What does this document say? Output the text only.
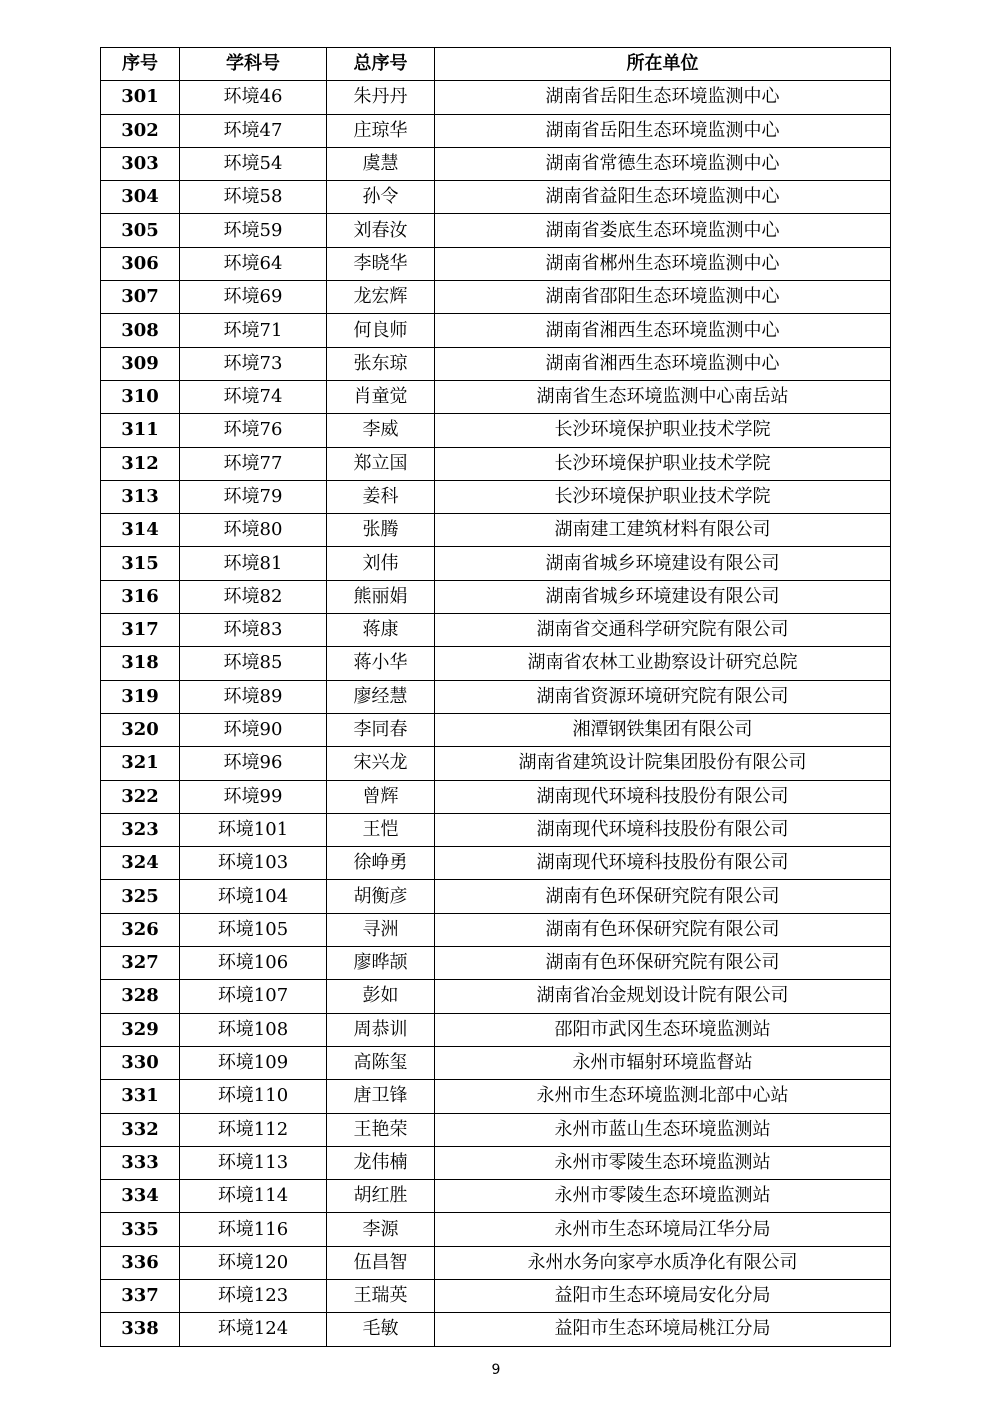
序号	学科号	总序号	所在单位
301	环境46	朱丹丹	湖南省岳阳生态环境监测中心
302	环境47	庄琼华	湖南省岳阳生态环境监测中心
303	环境54	虞慧	湖南省常德生态环境监测中心
304	环境58	孙令	湖南省益阳生态环境监测中心
305	环境59	刘春汝	湖南省娄底生态环境监测中心
306	环境64	李晓华	湖南省郴州生态环境监测中心
307	环境69	龙宏辉	湖南省邵阳生态环境监测中心
308	环境71	何良师	湖南省湘西生态环境监测中心
309	环境73	张东琼	湖南省湘西生态环境监测中心
310	环境74	肖童觉	湖南省生态环境监测中心南岳站
311	环境76	李威	长沙环境保护职业技术学院
312	环境77	郑立国	长沙环境保护职业技术学院
313	环境79	姜科	长沙环境保护职业技术学院
314	环境80	张腾	湖南建工建筑材料有限公司
315	环境81	刘伟	湖南省城乡环境建设有限公司
316	环境82	熊丽娟	湖南省城乡环境建设有限公司
317	环境83	蒋康	湖南省交通科学研究院有限公司
318	环境85	蒋小华	湖南省农林工业勘察设计研究总院
319	环境89	廖经慧	湖南省资源环境研究院有限公司
320	环境90	李同春	湘潭钢铁集团有限公司
321	环境96	宋兴龙	湖南省建筑设计院集团股份有限公司
322	环境99	曾辉	湖南现代环境科技股份有限公司
323	环境101	王恺	湖南现代环境科技股份有限公司
324	环境103	徐峥勇	湖南现代环境科技股份有限公司
325	环境104	胡衡彦	湖南有色环保研究院有限公司
326	环境105	寻洲	湖南有色环保研究院有限公司
327	环境106	廖晔颉	湖南有色环保研究院有限公司
328	环境107	彭如	湖南省冶金规划设计院有限公司
329	环境108	周恭训	邵阳市武冈生态环境监测站
330	环境109	高陈玺	永州市辐射环境监督站
331	环境110	唐卫锋	永州市生态环境监测北部中心站
332	环境112	王艳荣	永州市蓝山生态环境监测站
333	环境113	龙伟楠	永州市零陵生态环境监测站
334	环境114	胡红胜	永州市零陵生态环境监测站
335	环境116	李源	永州市生态环境局江华分局
336	环境120	伍昌智	永州水务向家亭水质净化有限公司
337	环境123	王瑞英	益阳市生态环境局安化分局
338	环境124	毛敏	益阳市生态环境局桃江分局
9
